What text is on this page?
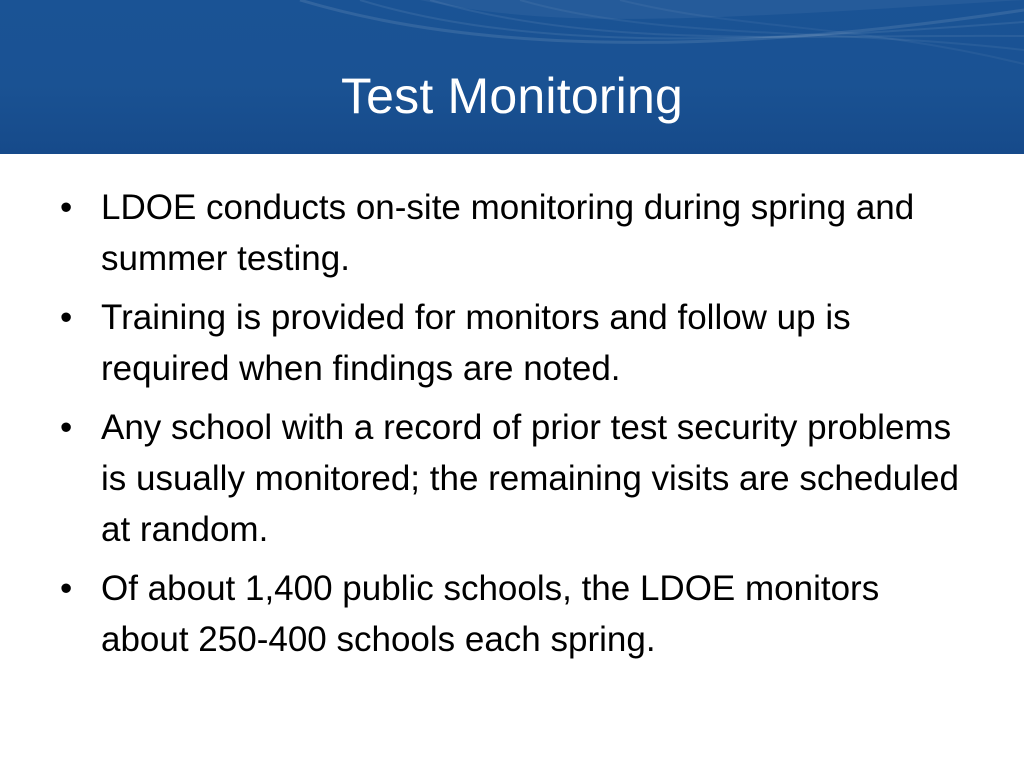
Test Monitoring
• LDOE conducts on-site monitoring during spring and summer testing.
• Training is provided for monitors and follow up is required when findings are noted.
• Any school with a record of prior test security problems is usually monitored; the remaining visits are scheduled at random.
• Of about 1,400 public schools, the LDOE monitors about 250-400 schools each spring.
